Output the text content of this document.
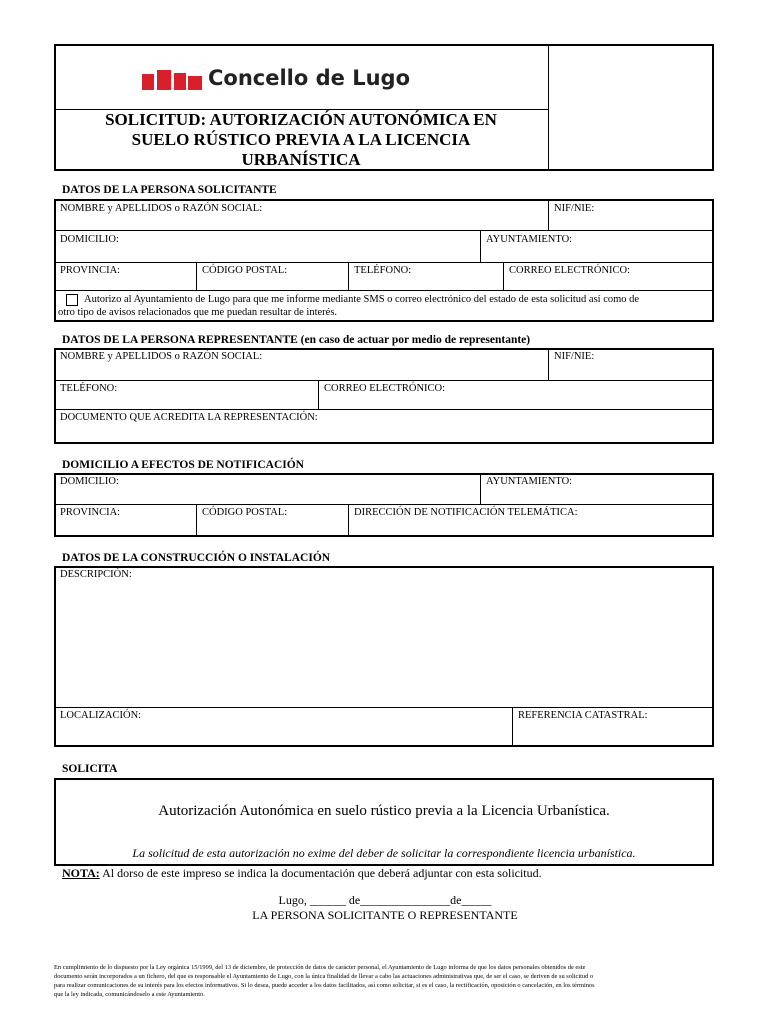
Concello de Lugo
SOLICITUD: AUTORIZACIÓN AUTONÓMICA EN
SUELO RÚSTICO PREVIA A LA LICENCIA
URBANÍSTICA
DATOS DE LA PERSONA SOLICITANTE
NOMBRE y APELLIDOS o RAZÓN SOCIAL:	NIF/NIE:
DOMICILIO:	AYUNTAMIENTO:
PROVINCIA:	CÓDIGO POSTAL:	TELÉFONO:	CORREO ELECTRÓNICO:
Autorizo al Ayuntamiento de Lugo para que me informe mediante SMS o correo electrónico del estado de esta solicitud así como de
otro tipo de avisos relacionados que me puedan resultar de interés.
DATOS DE LA PERSONA REPRESENTANTE (en caso de actuar por medio de representante)
NOMBRE y APELLIDOS o RAZÓN SOCIAL:	NIF/NIE:
TELÉFONO:	CORREO ELECTRÓNICO:
DOCUMENTO QUE ACREDITA LA REPRESENTACIÓN:
DOMICILIO A EFECTOS DE NOTIFICACIÓN
DOMICILIO:	AYUNTAMIENTO:
PROVINCIA:	CÓDIGO POSTAL:	DIRECCIÓN DE NOTIFICACIÓN TELEMÁTICA:
DATOS DE LA CONSTRUCCIÓN O INSTALACIÓN
DESCRIPCIÓN:
LOCALIZACIÓN:	REFERENCIA CATASTRAL:
SOLICITA
Autorización Autonómica en suelo rústico previa a la Licencia Urbanística.
La solicitud de esta autorización no exime del deber de solicitar la correspondiente licencia urbanística.
NOTA: Al dorso de este impreso se indica la documentación que deberá adjuntar con esta solicitud.
Lugo, ______ de_______________de_____
LA PERSONA SOLICITANTE O REPRESENTANTE
En cumplimiento de lo dispuesto por la Ley orgánica 15/1999, del 13 de diciembre, de protección de datos de carácter personal, el Ayuntamiento de Lugo informa de que los datos personales obtenidos de este
documento serán incorporados a un fichero, del que es responsable el Ayuntamiento de Lugo, con la única finalidad de llevar a cabo las actuaciones administrativas que, de ser el caso, se deriven de su solicitud o
para realizar comunicaciones de su interés para los efectos informativos. Si lo desea, puede acceder a los datos facilitados, así como solicitar, si es el caso, la rectificación, oposición o cancelación, en los términos
que la ley indicada, comunicándoselo a este Ayuntamiento.
